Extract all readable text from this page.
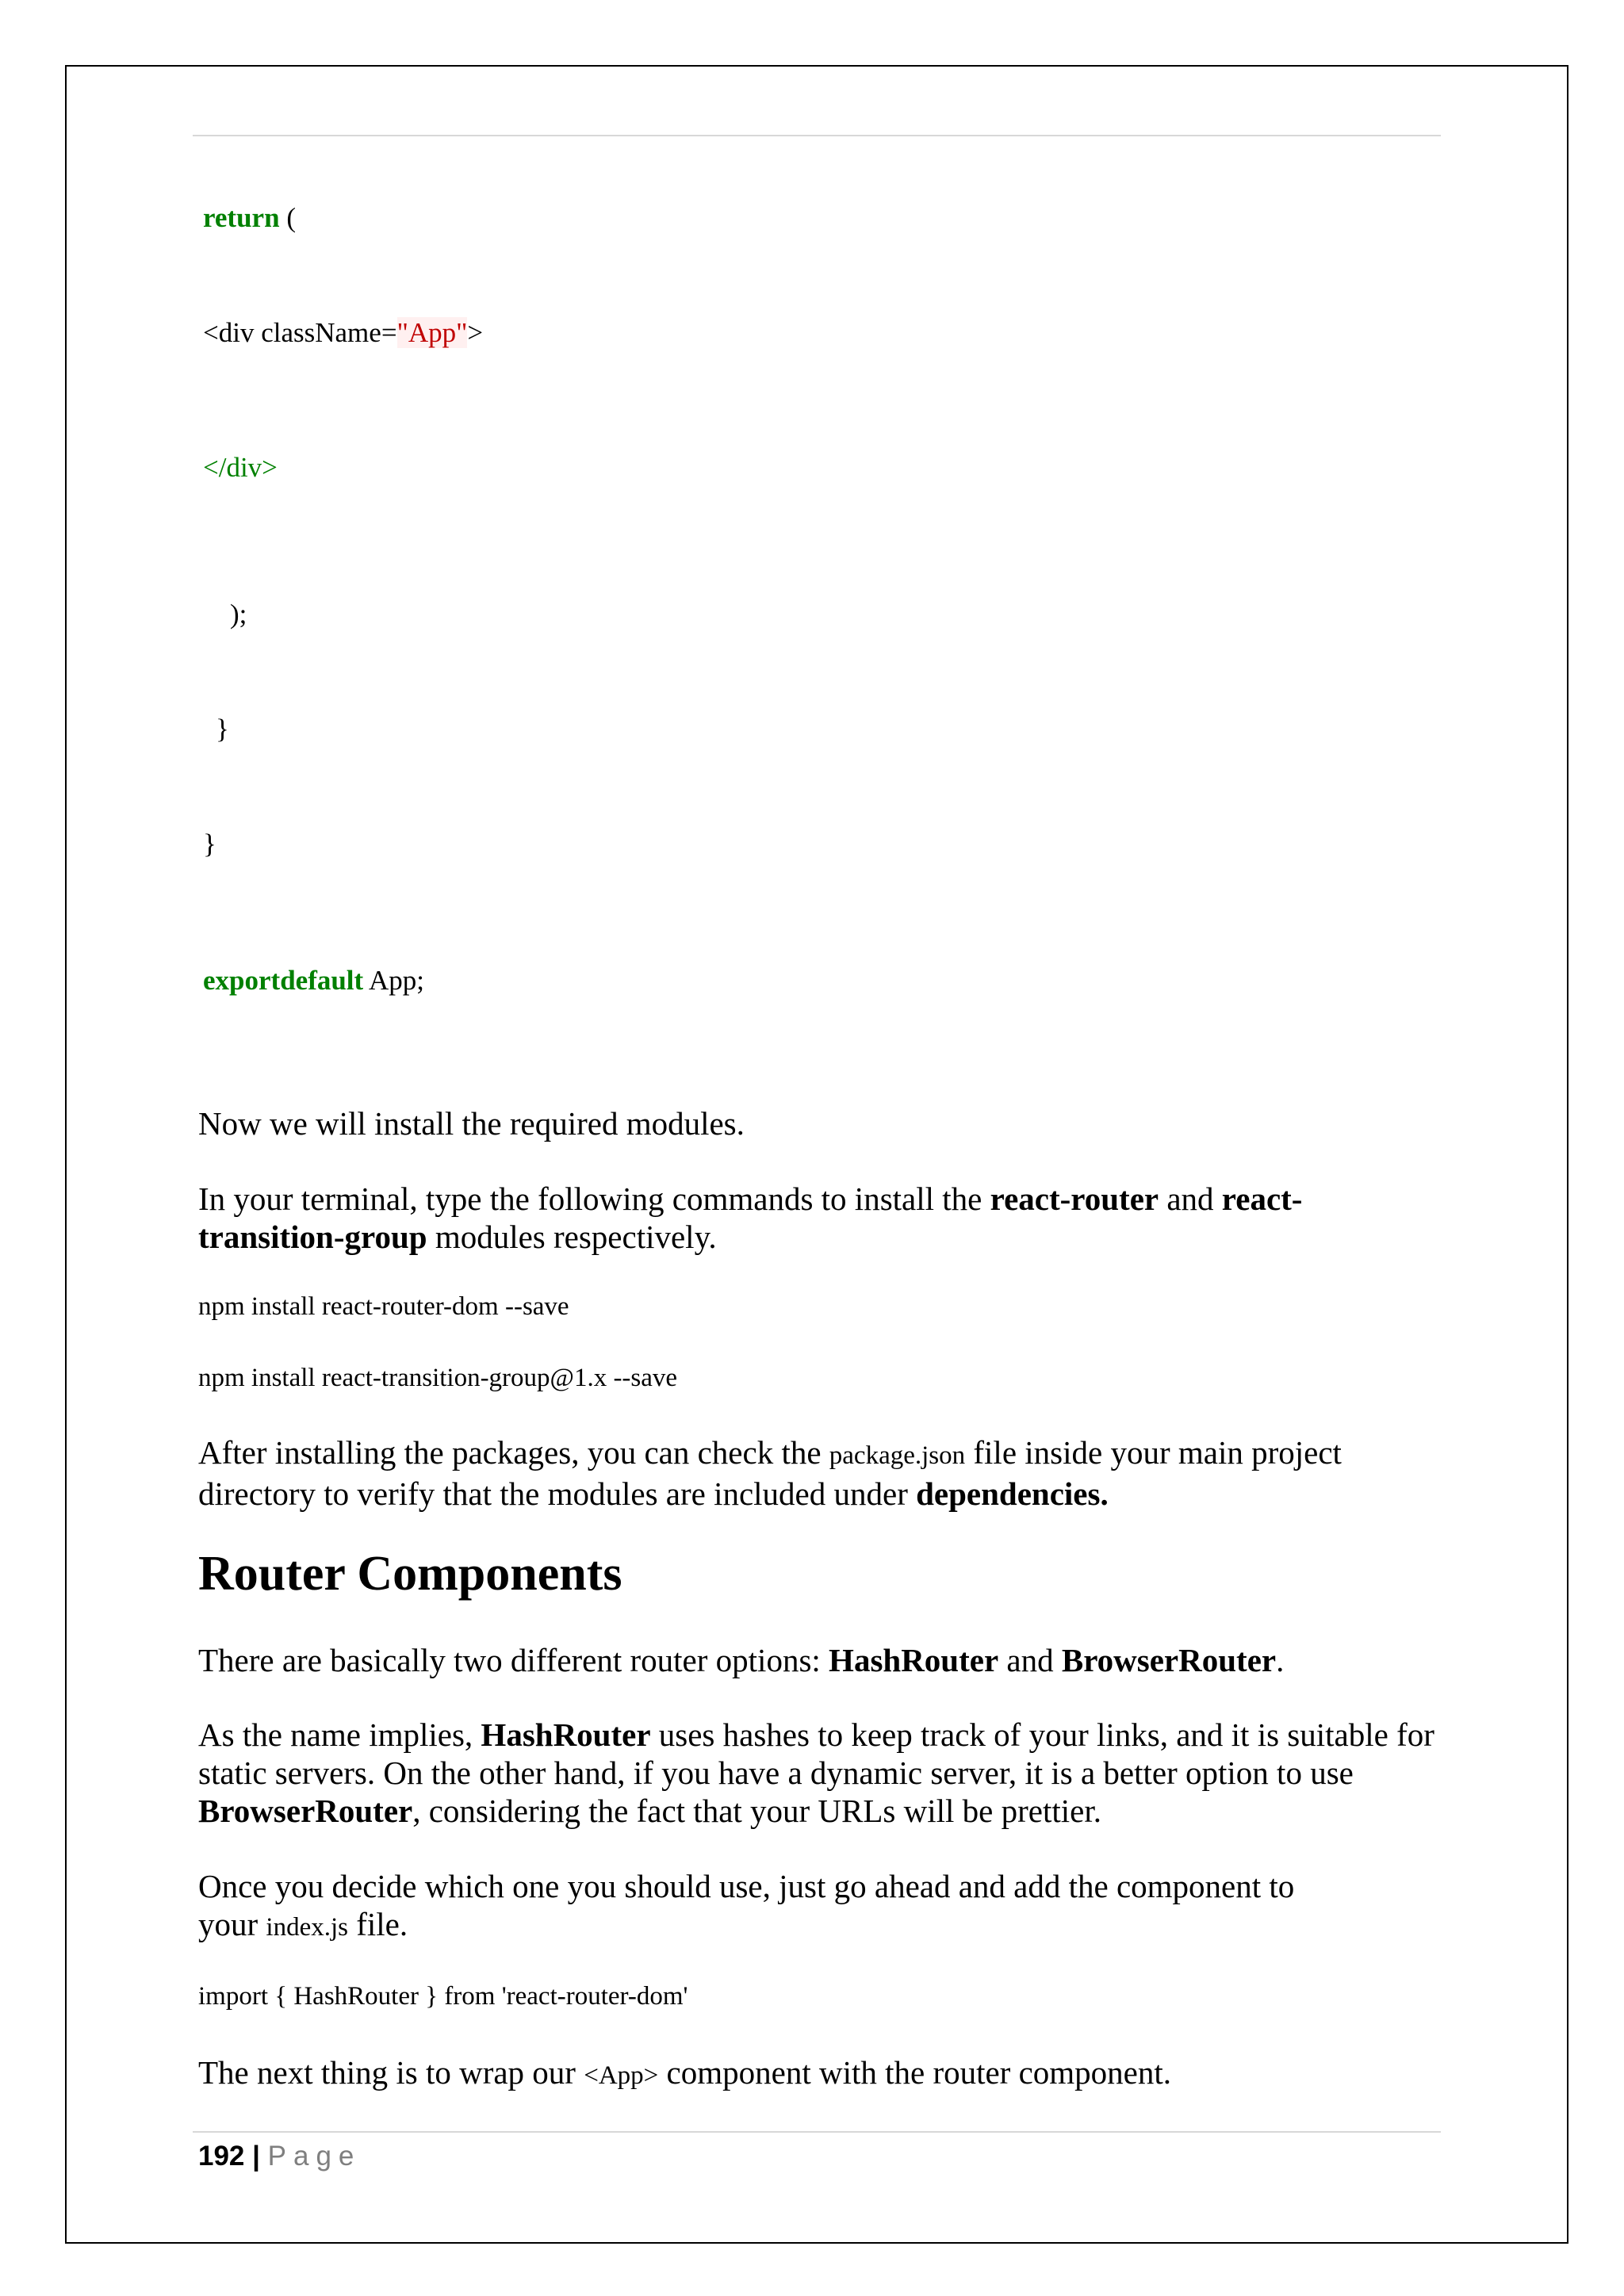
return (
<div className="App">
</div>
);
}
}
exportdefault App;
Now we will install the required modules.
In your terminal, type the following commands to install the react-router and react-transition-group modules respectively.
npm install react-router-dom --save
npm install react-transition-group@1.x --save
After installing the packages, you can check the package.json file inside your main project directory to verify that the modules are included under dependencies.
Router Components
There are basically two different router options: HashRouter and BrowserRouter.
As the name implies, HashRouter uses hashes to keep track of your links, and it is suitable for static servers. On the other hand, if you have a dynamic server, it is a better option to use BrowserRouter, considering the fact that your URLs will be prettier.
Once you decide which one you should use, just go ahead and add the component to your index.js file.
import { HashRouter } from 'react-router-dom'
The next thing is to wrap our <App> component with the router component.
192 | Page
